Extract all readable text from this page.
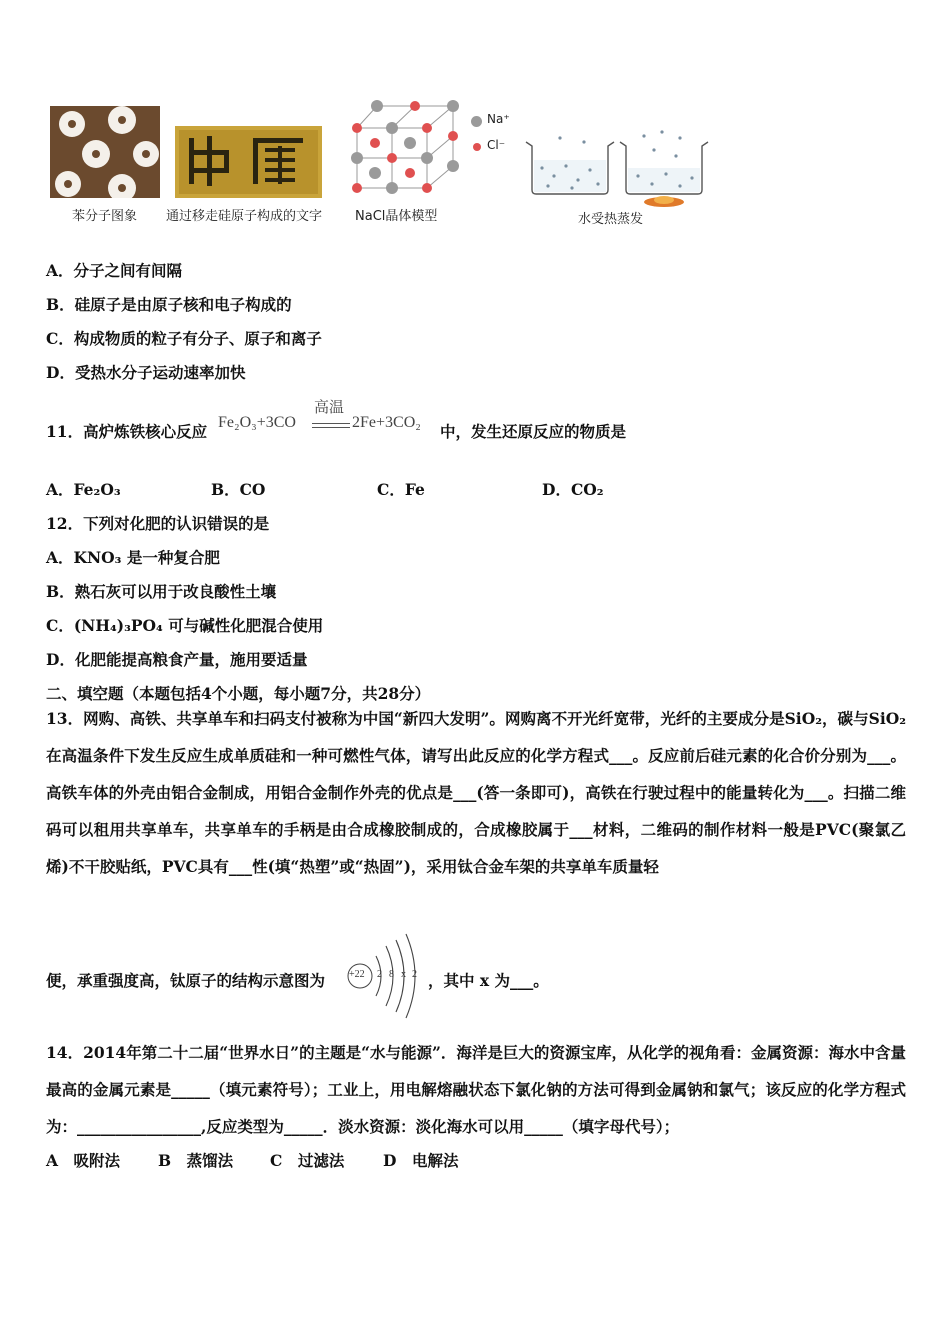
苯分子图象 通过移走硅原子构成的文字
Na⁺
Cl⁻
NaCl晶体模型	水受热蒸发
A．分子之间有间隔
B．硅原子是由原子核和电子构成的
C．构成物质的粒子有分子、原子和离子
D．受热水分子运动速率加快
11．高炉炼铁核心反应 Fe₂O₃+3CO
高温
2Fe+3CO₂ 中，发生还原反应的物质是
A．Fe₂O₃	B．CO	C．Fe	D．CO₂
12．下列对化肥的认识错误的是
A．KNO₃ 是一种复合肥
B．熟石灰可以用于改良酸性土壤
C．(NH₄)₃PO₄ 可与碱性化肥混合使用
D．化肥能提高粮食产量，施用要适量
二、填空题（本题包括4个小题，每小题7分，共28分）
13．网购、高铁、共享单车和扫码支付被称为中国“新四大发明”。网购离不开光纤宽带，光纤的主要成分是SiO₂，碳与SiO₂在高温条件下发生反应生成单质硅和一种可燃性气体，请写出此反应的化学方程式___。反应前后硅元素的化合价分别为___。高铁车体的外壳由铝合金制成，用铝合金制作外壳的优点是___(答一条即可)，高铁在行驶过程中的能量转化为___。扫描二维码可以租用共享单车，共享单车的手柄是由合成橡胶制成的，合成橡胶属于___材料，二维码的制作材料一般是PVC(聚氯乙烯)不干胶贴纸，PVC具有___性(填“热塑”或“热固”)，采用钛合金车架的共享单车质量轻
便，承重强度高，钛原子的结构示意图为 +22 2 8 x 2 ，其中 x 为___。
14．2014年第二十二届“世界水日”的主题是“水与能源”．海洋是巨大的资源宝库，从化学的视角看：金属资源：海水中含量最高的金属元素是_____（填元素符号）；工业上，用电解熔融状态下氯化钠的方法可得到金属钠和氯气；该反应的化学方程式为：________________,反应类型为_____．淡水资源：淡化海水可以用_____（填字母代号）；
A　吸附法 B　蒸馏法 C　过滤法 D　电解法
